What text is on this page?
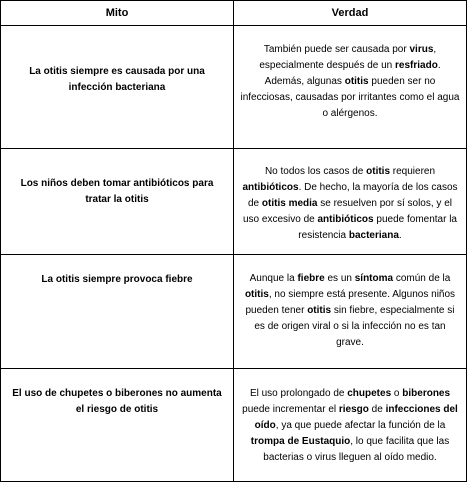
Mito	Verdad
La otitis siempre es causada por una infección bacteriana	También puede ser causada por virus, especialmente después de un resfriado. Además, algunas otitis pueden ser no infecciosas, causadas por irritantes como el agua o alérgenos.
Los niños deben tomar antibióticos para tratar la otitis	No todos los casos de otitis requieren antibióticos. De hecho, la mayoría de los casos de otitis media se resuelven por sí solos, y el uso excesivo de antibióticos puede fomentar la resistencia bacteriana.
La otitis siempre provoca fiebre	Aunque la fiebre es un síntoma común de la otitis, no siempre está presente. Algunos niños pueden tener otitis sin fiebre, especialmente si es de origen viral o si la infección no es tan grave.
El uso de chupetes o biberones no aumenta el riesgo de otitis	El uso prolongado de chupetes o biberones puede incrementar el riesgo de infecciones del oído, ya que puede afectar la función de la trompa de Eustaquio, lo que facilita que las bacterias o virus lleguen al oído medio.
